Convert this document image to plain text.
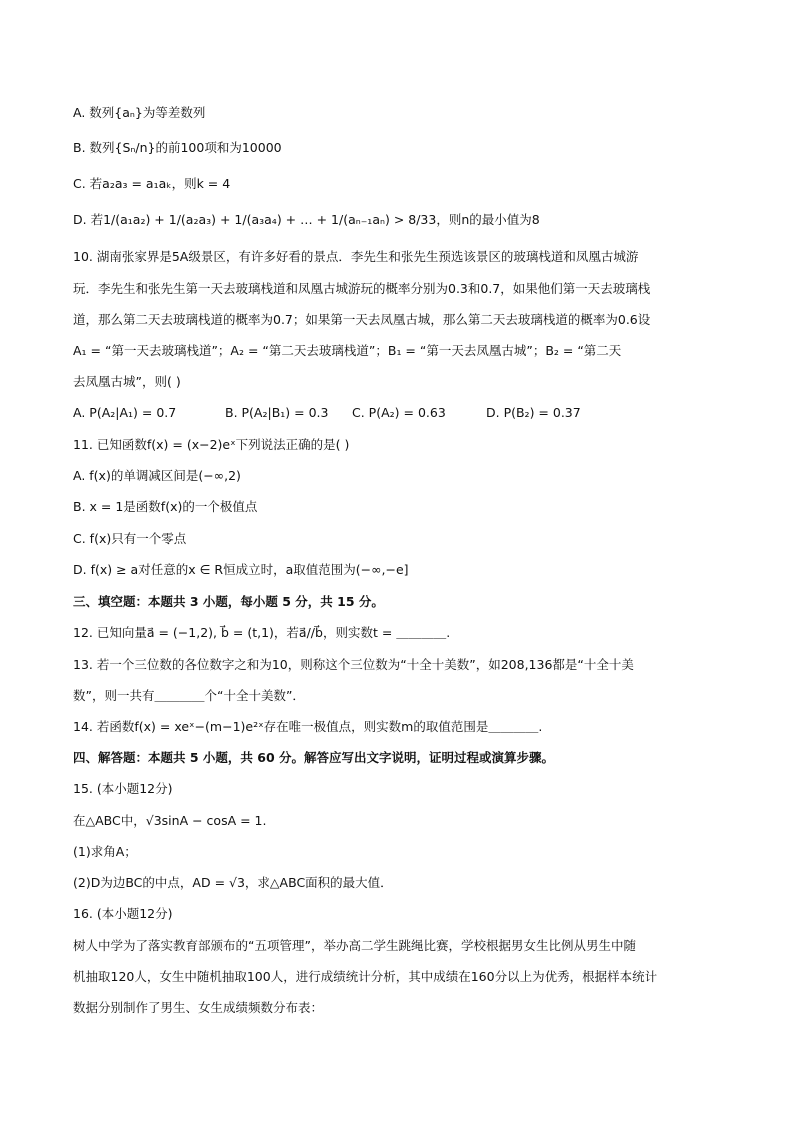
A. 数列{aₙ}为等差数列
B. 数列{Sₙ/n}的前100项和为10000
C. 若a₂a₃ = a₁aₖ，则k = 4
D. 若1/(a₁a₂) + 1/(a₂a₃) + 1/(a₃a₄) + … + 1/(aₙ₋₁aₙ) > 8/33，则n的最小值为8
10. 湖南张家界是5A级景区，有许多好看的景点．李先生和张先生预选该景区的玻璃栈道和凤凰古城游
玩．李先生和张先生第一天去玻璃栈道和凤凰古城游玩的概率分别为0.3和0.7，如果他们第一天去玻璃栈
道，那么第二天去玻璃栈道的概率为0.7；如果第一天去凤凰古城，那么第二天去玻璃栈道的概率为0.6设
A₁ = “第一天去玻璃栈道”；A₂ = “第二天去玻璃栈道”；B₁ = “第一天去凤凰古城”；B₂ = “第二天
去凤凰古城”，则( )
A. P(A₂|A₁) = 0.7	B. P(A₂|B₁) = 0.3 C. P(A₂) = 0.63	D. P(B₂) = 0.37
11. 已知函数f(x) = (x−2)eˣ下列说法正确的是( )
A. f(x)的单调减区间是(−∞,2)
B. x = 1是函数f(x)的一个极值点
C. f(x)只有一个零点
D. f(x) ≥ a对任意的x ∈ R恒成立时，a取值范围为(−∞,−e]
三、填空题：本题共 3 小题，每小题 5 分，共 15 分。
12. 已知向量a⃗ = (−1,2), b⃗ = (t,1)，若a⃗//b⃗，则实数t = ＿＿＿＿.
13. 若一个三位数的各位数字之和为10，则称这个三位数为“十全十美数”，如208,136都是“十全十美
数”，则一共有＿＿＿＿个“十全十美数”．
14. 若函数f(x) = xeˣ−(m−1)e²ˣ存在唯一极值点，则实数m的取值范围是＿＿＿＿.
四、解答题：本题共 5 小题，共 60 分。解答应写出文字说明，证明过程或演算步骤。
15. (本小题12分)
在△ABC中，√3sinA − cosA = 1.
(1)求角A；
(2)D为边BC的中点，AD = √3，求△ABC面积的最大值．
16. (本小题12分)
树人中学为了落实教育部颁布的“五项管理”，举办高二学生跳绳比赛，学校根据男女生比例从男生中随
机抽取120人，女生中随机抽取100人，进行成绩统计分析，其中成绩在160分以上为优秀，根据样本统计
数据分别制作了男生、女生成绩频数分布表：
